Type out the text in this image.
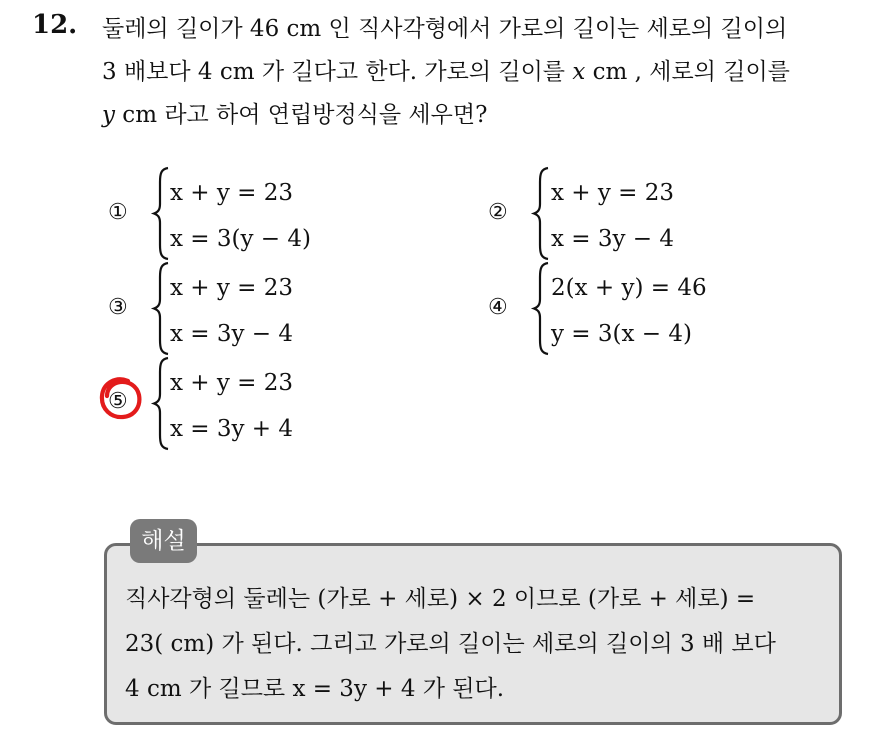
12. 둘레의 길이가 46 cm 인 직사각형에서 가로의 길이는 세로의 길이의

3 배보다 4 cm 가 길다고 한다. 가로의 길이를 x cm , 세로의 길이를

y cm 라고 하여 연립방정식을 세우면?

①
x + y = 23
x = 3(y − 4)
②
x + y = 23
x = 3y − 4
③
x + y = 23
x = 3y − 4
④
2(x + y) = 46
y = 3(x − 4)
⑤
x + y = 23
x = 3y + 4
해설

직사각형의 둘레는 (가로 + 세로) × 2 이므로 (가로 + 세로) =

23( cm) 가 된다. 그리고 가로의 길이는 세로의 길이의 3 배 보다

4 cm 가 길므로 x = 3y + 4 가 된다.
